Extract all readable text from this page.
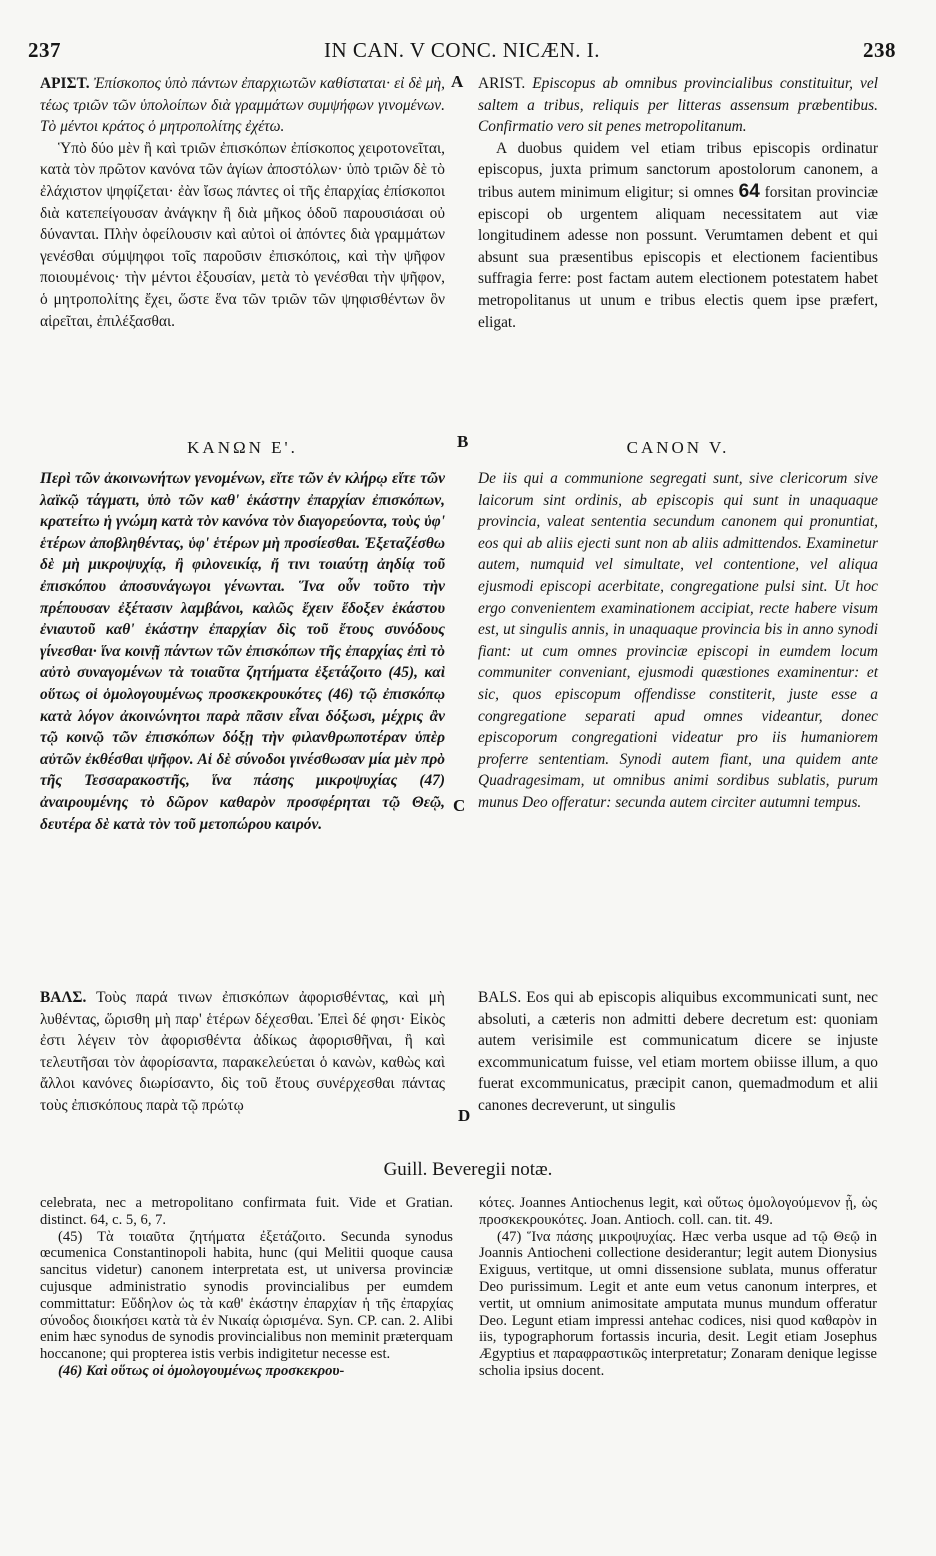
237	IN CAN. V CONC. NICÆN. I.	238
A
B
C
D

ΑΡΙΣΤ. Ἐπίσκοπος ὑπὸ πάντων ἐπαρχιωτῶν καθίσταται· εἰ δὲ μὴ, τέως τριῶν τῶν ὑπολοίπων διὰ γραμμάτων συμψήφων γινομένων. Τὸ μέντοι κράτος ὁ μητροπολίτης ἐχέτω.

Ὑπὸ δύο μὲν ἢ καὶ τριῶν ἐπισκόπων ἐπίσκοπος χειροτονεῖται, κατὰ τὸν πρῶτον κανόνα τῶν ἁγίων ἀποστόλων· ὑπὸ τριῶν δὲ τὸ ἐλάχιστον ψηφίζεται· ἐὰν ἴσως πάντες οἱ τῆς ἐπαρχίας ἐπίσκοποι διὰ κατεπείγουσαν ἀνάγκην ἢ διὰ μῆκος ὁδοῦ παρουσιάσαι οὐ δύνανται. Πλὴν ὀφείλουσιν καὶ αὐτοὶ οἱ ἀπόντες διὰ γραμμάτων γενέσθαι σύμψηφοι τοῖς παροῦσιν ἐπισκόποις, καὶ τὴν ψῆφον ποιουμένοις· τὴν μέντοι ἐξουσίαν, μετὰ τὸ γενέσθαι τὴν ψῆφον, ὁ μητροπολίτης ἔχει, ὥστε ἕνα τῶν τριῶν τῶν ψηφισθέντων ὃν αἱρεῖται, ἐπιλέξασθαι.

ΚΑΝΩΝ Ε'.

Περὶ τῶν ἀκοινωνήτων γενομένων, εἴτε τῶν ἐν κλήρῳ εἴτε τῶν λαϊκῷ τάγματι, ὑπὸ τῶν καθ' ἑκάστην ἐπαρχίαν ἐπισκόπων, κρατείτω ἡ γνώμη κατὰ τὸν κανόνα τὸν διαγορεύοντα, τοὺς ὑφ' ἑτέρων ἀποβληθέντας, ὑφ' ἑτέρων μὴ προσίεσθαι. Ἐξεταζέσθω δὲ μὴ μικροψυχίᾳ, ἢ φιλονεικίᾳ, ἤ τινι τοιαύτῃ ἀηδίᾳ τοῦ ἐπισκόπου ἀποσυνάγωγοι γένωνται. Ἵνα οὖν τοῦτο τὴν πρέπουσαν ἐξέτασιν λαμβάνοι, καλῶς ἔχειν ἔδοξεν ἑκάστου ἐνιαυτοῦ καθ' ἑκάστην ἐπαρχίαν δὶς τοῦ ἔτους συνόδους γίνεσθαι· ἵνα κοινῇ πάντων τῶν ἐπισκόπων τῆς ἐπαρχίας ἐπὶ τὸ αὐτὸ συναγομένων τὰ τοιαῦτα ζητήματα ἐξετάζοιτο (45), καὶ οὕτως οἱ ὁμολογουμένως προσκεκρουκότες (46) τῷ ἐπισκόπῳ κατὰ λόγον ἀκοινώνητοι παρὰ πᾶσιν εἶναι δόξωσι, μέχρις ἂν τῷ κοινῷ τῶν ἐπισκόπων δόξῃ τὴν φιλανθρωποτέραν ὑπὲρ αὐτῶν ἐκθέσθαι ψῆφον. Αἱ δὲ σύνοδοι γινέσθωσαν μία μὲν πρὸ τῆς Τεσσαρακοστῆς, ἵνα πάσης μικροψυχίας (47) ἀναιρουμένης τὸ δῶρον καθαρὸν προσφέρηται τῷ Θεῷ, δευτέρα δὲ κατὰ τὸν τοῦ μετοπώρου καιρόν.

ΒΑΛΣ. Τοὺς παρά τινων ἐπισκόπων ἀφορισθέντας, καὶ μὴ λυθέντας, ὥρισθη μὴ παρ' ἑτέρων δέχεσθαι. Ἐπεὶ δέ φησι· Εἰκὸς ἐστι λέγειν τὸν ἀφορισθέντα ἀδίκως ἀφορισθῆναι, ἢ καὶ τελευτῆσαι τὸν ἀφορίσαντα, παρακελεύεται ὁ κανὼν, καθὼς καὶ ἄλλοι κανόνες διωρίσαντο, δὶς τοῦ ἔτους συνέρχεσθαι πάντας τοὺς ἐπισκόπους παρὰ τῷ πρώτῳ

ARIST. Episcopus ab omnibus provincialibus constituitur, vel saltem a tribus, reliquis per litteras assensum præbentibus. Confirmatio vero sit penes metropolitanum.

A duobus quidem vel etiam tribus episcopis ordinatur episcopus, juxta primum sanctorum apostolorum canonem, a tribus autem minimum eligitur; si omnes 64 forsitan provinciæ episcopi ob urgentem aliquam necessitatem aut viæ longitudinem adesse non possunt. Verumtamen debent et qui absunt sua præsentibus episcopis et electionem facientibus suffragia ferre: post factam autem electionem potestatem habet metropolitanus ut unum e tribus electis quem ipse præfert, eligat.

CANON V.

De iis qui a communione segregati sunt, sive clericorum sive laicorum sint ordinis, ab episcopis qui sunt in unaquaque provincia, valeat sententia secundum canonem qui pronuntiat, eos qui ab aliis ejecti sunt non ab aliis admittendos. Examinetur autem, numquid vel simultate, vel contentione, vel aliqua ejusmodi episcopi acerbitate, congregatione pulsi sint. Ut hoc ergo convenientem examinationem accipiat, recte habere visum est, ut singulis annis, in unaquaque provincia bis in anno synodi fiant: ut cum omnes provinciæ episcopi in eumdem locum communiter conveniant, ejusmodi quæstiones examinentur: et sic, quos episcopum offendisse constiterit, juste esse a congregatione separati apud omnes videantur, donec episcoporum congregationi videatur pro iis humaniorem proferre sententiam. Synodi autem fiant, una quidem ante Quadragesimam, ut omnibus animi sordibus sublatis, purum munus Deo offeratur: secunda autem circiter autumni tempus.

BALS. Eos qui ab episcopis aliquibus excommunicati sunt, nec absoluti, a cæteris non admitti debere decretum est: quoniam autem verisimile est communicatum dicere se injuste excommunicatum fuisse, vel etiam mortem obiisse illum, a quo fuerat excommunicatus, præcipit canon, quemadmodum et alii canones decreverunt, ut singulis

Guill. Beveregii notæ.

celebrata, nec a metropolitano confirmata fuit. Vide et Gratian. distinct. 64, c. 5, 6, 7.

(45) Τὰ τοιαῦτα ζητήματα ἐξετάζοιτο. Secunda synodus œcumenica Constantinopoli habita, hunc (qui Melitii quoque causa sancitus videtur) canonem interpretata est, ut universa provinciæ cujusque administratio synodis provincialibus per eumdem committatur: Εὔδηλον ὡς τὰ καθ' ἑκάστην ἐπαρχίαν ἡ τῆς ἐπαρχίας σύνοδος διοικήσει κατὰ τὰ ἐν Νικαίᾳ ὡρισμένα. Syn. CP. can. 2. Alibi enim hæc synodus de synodis provincialibus non meminit præterquam hoccanone; qui propterea istis verbis indigitetur necesse est.

(46) Καὶ οὕτως οἱ ὁμολογουμένως προσκεκρου-

κότες. Joannes Antiochenus legit, καὶ οὕτως ὁμολογούμενον ᾖ, ὡς προσκεκρουκότες. Joan. Antioch. coll. can. tit. 49.

(47) Ἵνα πάσης μικροψυχίας. Hæc verba usque ad τῷ Θεῷ in Joannis Antiocheni collectione desiderantur; legit autem Dionysius Exiguus, vertitque, ut omni dissensione sublata, munus offeratur Deo purissimum. Legit et ante eum vetus canonum interpres, et vertit, ut omnium animositate amputata munus mundum offeratur Deo. Legunt etiam impressi antehac codices, nisi quod καθαρὸν in iis, typographorum fortassis incuria, desit. Legit etiam Josephus Ægyptius et παραφραστικῶς interpretatur; Zonaram denique legisse scholia ipsius docent.
